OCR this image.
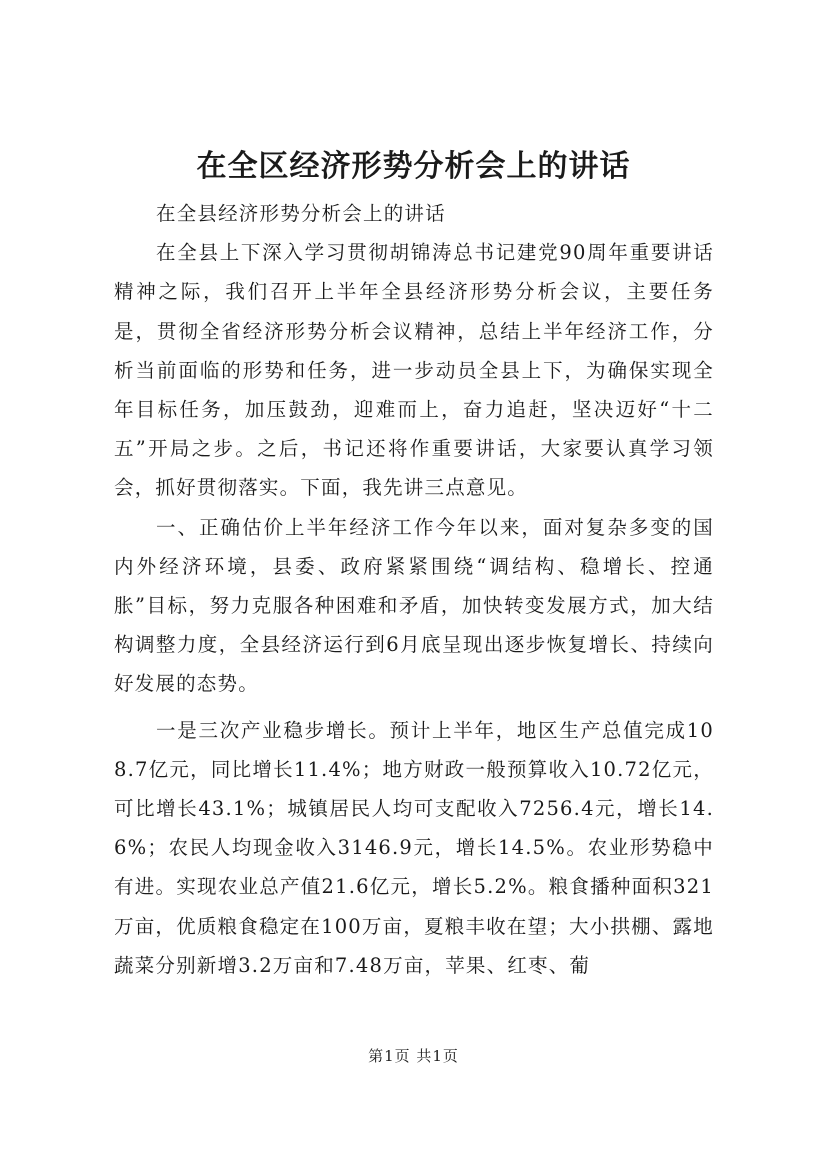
在全区经济形势分析会上的讲话

在全县经济形势分析会上的讲话

在全县上下深入学习贯彻胡锦涛总书记建党90周年重要讲话精神之际，我们召开上半年全县经济形势分析会议，主要任务是，贯彻全省经济形势分析会议精神，总结上半年经济工作，分析当前面临的形势和任务，进一步动员全县上下，为确保实现全年目标任务，加压鼓劲，迎难而上，奋力追赶，坚决迈好“十二五”开局之步。之后，书记还将作重要讲话，大家要认真学习领会，抓好贯彻落实。下面，我先讲三点意见。

一、正确估价上半年经济工作今年以来，面对复杂多变的国内外经济环境，县委、政府紧紧围绕“调结构、稳增长、控通胀”目标，努力克服各种困难和矛盾，加快转变发展方式，加大结构调整力度，全县经济运行到6月底呈现出逐步恢复增长、持续向好发展的态势。

一是三次产业稳步增长。预计上半年，地区生产总值完成108.7亿元，同比增长11.4%；地方财政一般预算收入10.72亿元，可比增长43.1%；城镇居民人均可支配收入7256.4元，增长14.6%；农民人均现金收入3146.9元，增长14.5%。农业形势稳中有进。实现农业总产值21.6亿元，增长5.2%。粮食播种面积321万亩，优质粮食稳定在100万亩，夏粮丰收在望；大小拱棚、露地蔬菜分别新增3.2万亩和7.48万亩，苹果、红枣、葡

第1页 共1页
